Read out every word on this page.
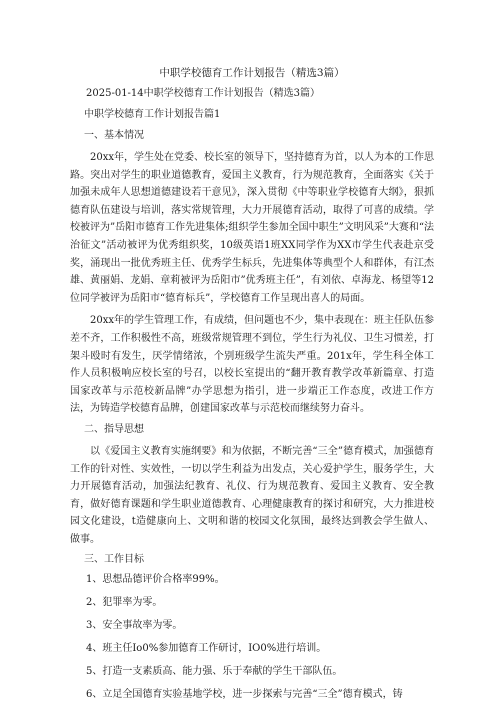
中职学校德育工作计划报告（精选3篇）
2025-01-14中职学校德育工作计划报告（精选3篇）
中职学校德育工作计划报告篇1
一、基本情况

20xx年，学生处在党委、校长室的领导下，坚持德育为首，以人为本的工作思路。突出对学生的职业道德教育，爱国主义教育，行为规范教育，全面落实《关于加强未成年人思想道德建设若干意见》，深入贯彻《中等职业学校德育大纲》，狠抓德育队伍建设与培训，落实常规管理，大力开展德育活动，取得了可喜的成绩。学校被评为”岳阳市德育工作先进集体;组织学生参加全国中职生”文明风采”大赛和“法治征文”活动被评为优秀组织奖，10级英语1班XX同学作为XX市学生代表赴京受奖，涌现出一批优秀班主任、优秀学生标兵，先进集体等典型个人和群体，有江杰雄、黄丽娟、龙娟、章莉被评为岳阳市”优秀班主任”，有刘依、卓海龙、杨望等12位同学被评为岳阳市“德育标兵”，学校德育工作呈现出喜人的局面。

20xx年的学生管理工作，有成绩，但问题也不少，集中表现在：班主任队伍参差不齐，工作积极性不高，班级常规管理不到位，学生行为礼仪、卫生习惯差，打架斗殴时有发生，厌学情绪浓，个别班级学生流失严重。201x年，学生科全体工作人员积极响应校长室的号召，以校长室提出的“翻开教育教学改革新篇章、打造国家改革与示范校新品牌”办学思想为指引，进一步端正工作态度，改进工作方法，为铸造学校德育品牌，创建国家改革与示范校而继续努力奋斗。

二、指导思想

以《爱国主义教育实施纲要》和为依据，不断完善“三全”德育模式，加强德育工作的针对性、实效性，一切以学生利益为出发点，关心爱护学生，服务学生，大力开展德育活动，加强法纪教育、礼仪、行为规范教育、爱国主义教育、安全教育，做好德育课题和学生职业道德教育、心理健康教育的探讨和研究，大力推进校园文化建设，t造健康向上、文明和谐的校园文化氛围，最终达到教会学生做人、做事。

三、工作目标
1、思想品德评价合格率99%。
2、犯罪率为零。
3、安全事故率为零。
4、班主任Io0%参加德育工作研讨，IO0%进行培训。
5、打造一支素质高、能力强、乐于奉献的学生干部队伍。
6、立足全国德育实验基地学校，进一步探索与完善“三全”德育模式，铸
